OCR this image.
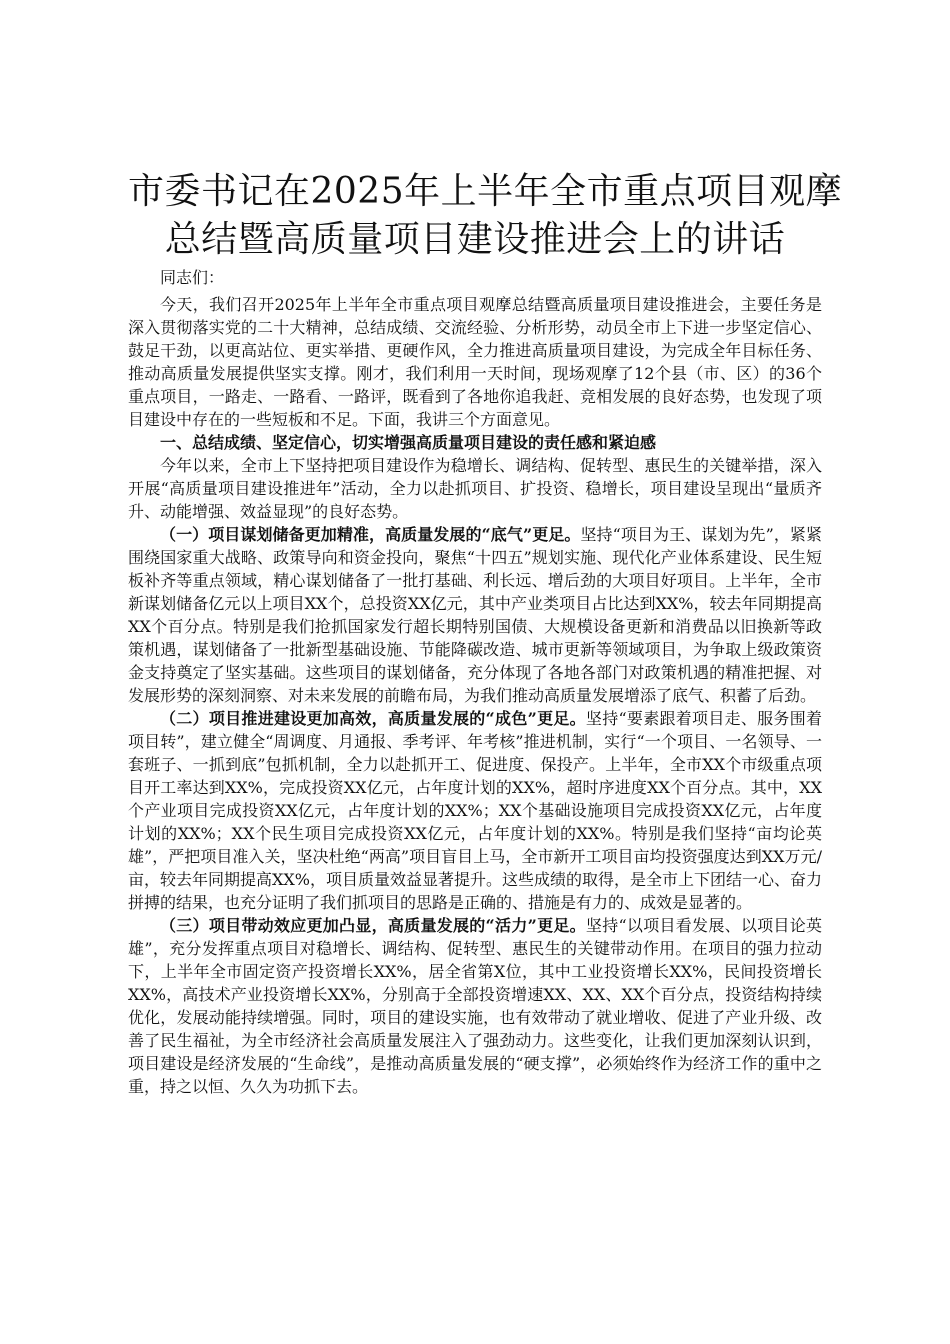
市委书记在2025年上半年全市重点项目观摩
总结暨高质量项目建设推进会上的讲话
同志们：

今天，我们召开2025年上半年全市重点项目观摩总结暨高质量项目建设推进会，主要任务是深入贯彻落实党的二十大精神，总结成绩、交流经验、分析形势，动员全市上下进一步坚定信心、鼓足干劲，以更高站位、更实举措、更硬作风，全力推进高质量项目建设，为完成全年目标任务、推动高质量发展提供坚实支撑。刚才，我们利用一天时间，现场观摩了12个县（市、区）的36个重点项目，一路走、一路看、一路评，既看到了各地你追我赶、竞相发展的良好态势，也发现了项目建设中存在的一些短板和不足。下面，我讲三个方面意见。

一、总结成绩、坚定信心，切实增强高质量项目建设的责任感和紧迫感

今年以来，全市上下坚持把项目建设作为稳增长、调结构、促转型、惠民生的关键举措，深入开展“高质量项目建设推进年”活动，全力以赴抓项目、扩投资、稳增长，项目建设呈现出“量质齐升、动能增强、效益显现”的良好态势。

（一）项目谋划储备更加精准，高质量发展的“底气”更足。坚持“项目为王、谋划为先”，紧紧围绕国家重大战略、政策导向和资金投向，聚焦“十四五”规划实施、现代化产业体系建设、民生短板补齐等重点领域，精心谋划储备了一批打基础、利长远、增后劲的大项目好项目。上半年，全市新谋划储备亿元以上项目XX个，总投资XX亿元，其中产业类项目占比达到XX%，较去年同期提高XX个百分点。特别是我们抢抓国家发行超长期特别国债、大规模设备更新和消费品以旧换新等政策机遇，谋划储备了一批新型基础设施、节能降碳改造、城市更新等领域项目，为争取上级政策资金支持奠定了坚实基础。这些项目的谋划储备，充分体现了各地各部门对政策机遇的精准把握、对发展形势的深刻洞察、对未来发展的前瞻布局，为我们推动高质量发展增添了底气、积蓄了后劲。

（二）项目推进建设更加高效，高质量发展的“成色”更足。坚持“要素跟着项目走、服务围着项目转”，建立健全“周调度、月通报、季考评、年考核”推进机制，实行“一个项目、一名领导、一套班子、一抓到底”包抓机制，全力以赴抓开工、促进度、保投产。上半年，全市XX个市级重点项目开工率达到XX%，完成投资XX亿元，占年度计划的XX%，超时序进度XX个百分点。其中，XX个产业项目完成投资XX亿元，占年度计划的XX%；XX个基础设施项目完成投资XX亿元，占年度计划的XX%；XX个民生项目完成投资XX亿元，占年度计划的XX%。特别是我们坚持“亩均论英雄”，严把项目准入关，坚决杜绝“两高”项目盲目上马，全市新开工项目亩均投资强度达到XX万元/亩，较去年同期提高XX%，项目质量效益显著提升。这些成绩的取得，是全市上下团结一心、奋力拼搏的结果，也充分证明了我们抓项目的思路是正确的、措施是有力的、成效是显著的。

（三）项目带动效应更加凸显，高质量发展的“活力”更足。坚持“以项目看发展、以项目论英雄”，充分发挥重点项目对稳增长、调结构、促转型、惠民生的关键带动作用。在项目的强力拉动下，上半年全市固定资产投资增长XX%，居全省第X位，其中工业投资增长XX%，民间投资增长XX%，高技术产业投资增长XX%，分别高于全部投资增速XX、XX、XX个百分点，投资结构持续优化，发展动能持续增强。同时，项目的建设实施，也有效带动了就业增收、促进了产业升级、改善了民生福祉，为全市经济社会高质量发展注入了强劲动力。这些变化，让我们更加深刻认识到，项目建设是经济发展的“生命线”，是推动高质量发展的“硬支撑”，必须始终作为经济工作的重中之重，持之以恒、久久为功抓下去。
